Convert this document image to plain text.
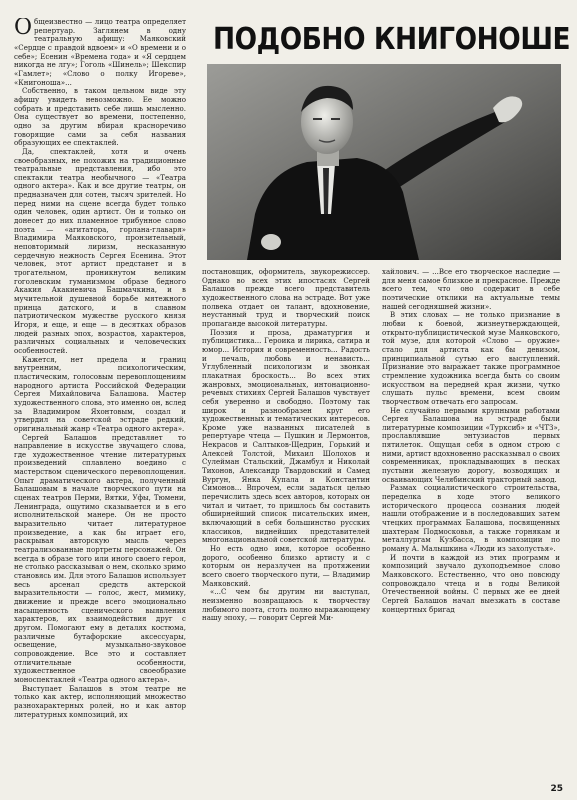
Общеизвестно — лицо театра определяет репертуар. Заглянем в одну театральную афишу: Маяковский «Сердце с правдой вдвоем» и «О времени и о себе»; Есенин «Времена года» и «Я сердцем никогда не лгу»; Гоголь «Шинель»; Шекспир «Гамлет»; «Слово о полку Игореве», «Книгоноша»...

Собственно, в таком цельном виде эту афишу увидеть невозможно. Ее можно собрать и представить себе лишь мысленно. Она существует во времени, постепенно, одно за другим вбирая красноречиво говорящие сами за себя названия образующих ее спектаклей.

Да, спектаклей, хотя и очень своеобразных, не похожих на традиционные театральные представления, ибо это спектакли театра необычного — «Театра одного актера». Как и все другие театры, он предназначен для сотен, тысяч зрителей. Но перед ними на сцене всегда будет только один человек, один артист. Он и только он донесет до них пламенное трибунное слово поэта — «агитатора, горлана-главаря» Владимира Маяковского, пронзительный, неповторимый лиризм, несказанную сердечную нежность Сергея Есенина. Этот человек, этот артист предстанет и в трогательном, проникнутом великим гоголевским гуманизмом образе бедного Акакия Акакиевича Башмачкина, и в мучительной душевной борьбе мятежного принца датского, и в славном патриотическом мужестве русского князя Игоря, и еще, и еще — в десятках образов людей разных эпох, возрастов, характеров, различных социальных и человеческих особенностей.

Кажется, нет предела и границ внутренним, психологическим, пластическим, голосовым перевоплощениям народного артиста Российской Федерации Сергея Михайловича Балашова. Мастер художественного слова, это именно он, вслед за Владимиром Яхонтовым, создал и утвердил на советской эстраде редкий, оригинальный жанр «Театра одного актера».

Сергей Балашов представляет то направление в искусстве звучащего слова, где художественное чтение литературных произведений сплавлено воедино с мастерством сценического перевоплощения. Опыт драматического актера, полученный Балашовым в начале творческого пути на сценах театров Перми, Вятки, Уфы, Тюмени, Ленинграда, ощутимо сказывается и в его исполнительской манере. Он не просто выразительно читает литературное произведение, а как бы играет его, раскрывая авторскую мысль через театрализованные портреты персонажей. Он всегда в образе того или иного своего героя, не столько рассказывая о нем, сколько зримо становясь им. Для этого Балашов использует весь арсенал средств актерской выразительности — голос, жест, мимику, движение и прежде всего эмоционально насыщенность сценического выявления характеров, их взаимодействия друг с другом. Помогают ему в деталях костюма, различные бутафорские аксессуары, освещение, музыкально-звуковое сопровождение. Все это и составляет отличительные особенности, художественное своеобразие моноспектаклей «Театра одного актера».

Выступает Балашов в этом театре не только как актер, исполняющий множество разнохарактерных ролей, но и как автор литературных композиций, их

ПОДОБНО КНИГОНОШЕ

постановщик, оформитель, звукорежиссер. Однако во всех этих ипостасях Сергей Балашов прежде всего представитель художественного слова на эстраде. Вот уже полвека отдает он талант, вдохновение, неустанный труд и творческий поиск пропаганде высокой литературы.

Поэзия и проза, драматургия и публицистика... Героика и лирика, сатира и юмор... История и современность... Радость и печаль, любовь и ненависть... Углубленный психологизм и звонкая плакатная броскость... Во всех этих жанровых, эмоциональных, интонационно-речевых стихиях Сергей Балашов чувствует себя уверенно и свободно. Поэтому так широк и разнообразен круг его художественных и тематических интересов. Кроме уже названных писателей в репертуаре чтеца — Пушкин и Лермонтов, Некрасов и Салтыков-Щедрин, Горький и Алексей Толстой, Михаил Шолохов и Сулейман Стальский, Джамбул и Николай Тихонов, Александр Твардовский и Самед Вургун, Янка Купала и Константин Симонов... Впрочем, если задаться целью перечислить здесь всех авторов, которых он читал и читает, то пришлось бы составить обширнейший список писательских имен, включающий в себя большинство русских классиков, виднейших представителей многонациональной советской литературы.

Но есть одно имя, которое особенно дорого, особенно близко артисту и с которым он неразлучен на протяжении всего своего творческого пути, — Владимир Маяковский.

«...С чем бы другим ни выступал, неизменно возвращаюсь к творчеству любимого поэта, стоть полно выражающему нашу эпоху, — говорит Сергей Ми-

хайлович. — ...Все его творческое наследие — для меня самое близкое и прекрасное. Прежде всего тем, что оно содержит в себе поэтические отклики на актуальные темы нашей сегодняшней жизни».

В этих словах — не только признание в любви к боевой, жизнеутверждающей, открыто-публицистической музе Маяковского, той музе, для которой «Слово — оружие» стало для артиста как бы девизом, принципиальной сутью его выступлений. Признание это выражает также программное стремление художника всегда быть со своим искусством на передней края жизни, чутко слушать пульс времени, всем своим творчеством отвечать его запросам.

Не случайно первыми крупными работами Сергея Балашова на эстраде были литературные композиции «Турксиб» и «ЧТЗ», прославлявшие энтузиастов первых пятилеток. Ощущая себя в одном строю с ними, артист вдохновенно рассказывал о своих современниках, прокладывающих в песках пустыни железную дорогу, возводящих и осваивающих Челябинский тракторный завод.

Размах социалистического строительства, переделка в ходе этого великого исторического процесса сознания людей нашли отображение и в последовавших затем чтецких программах Балашова, посвященных шахтерам Подмосковья, а также горнякам и металлургам Кузбасса, в композиции по роману А. Малышкина «Люди из захолустья».

И почти в каждой из этих программ и композиций звучало духоподъемное слово Маяковского. Естественно, что оно повсюду сопровождало чтеца и в годы Великой Отечественной войны. С первых же ее дней Сергей Балашов начал выезжать в составе концертных бригад

25
